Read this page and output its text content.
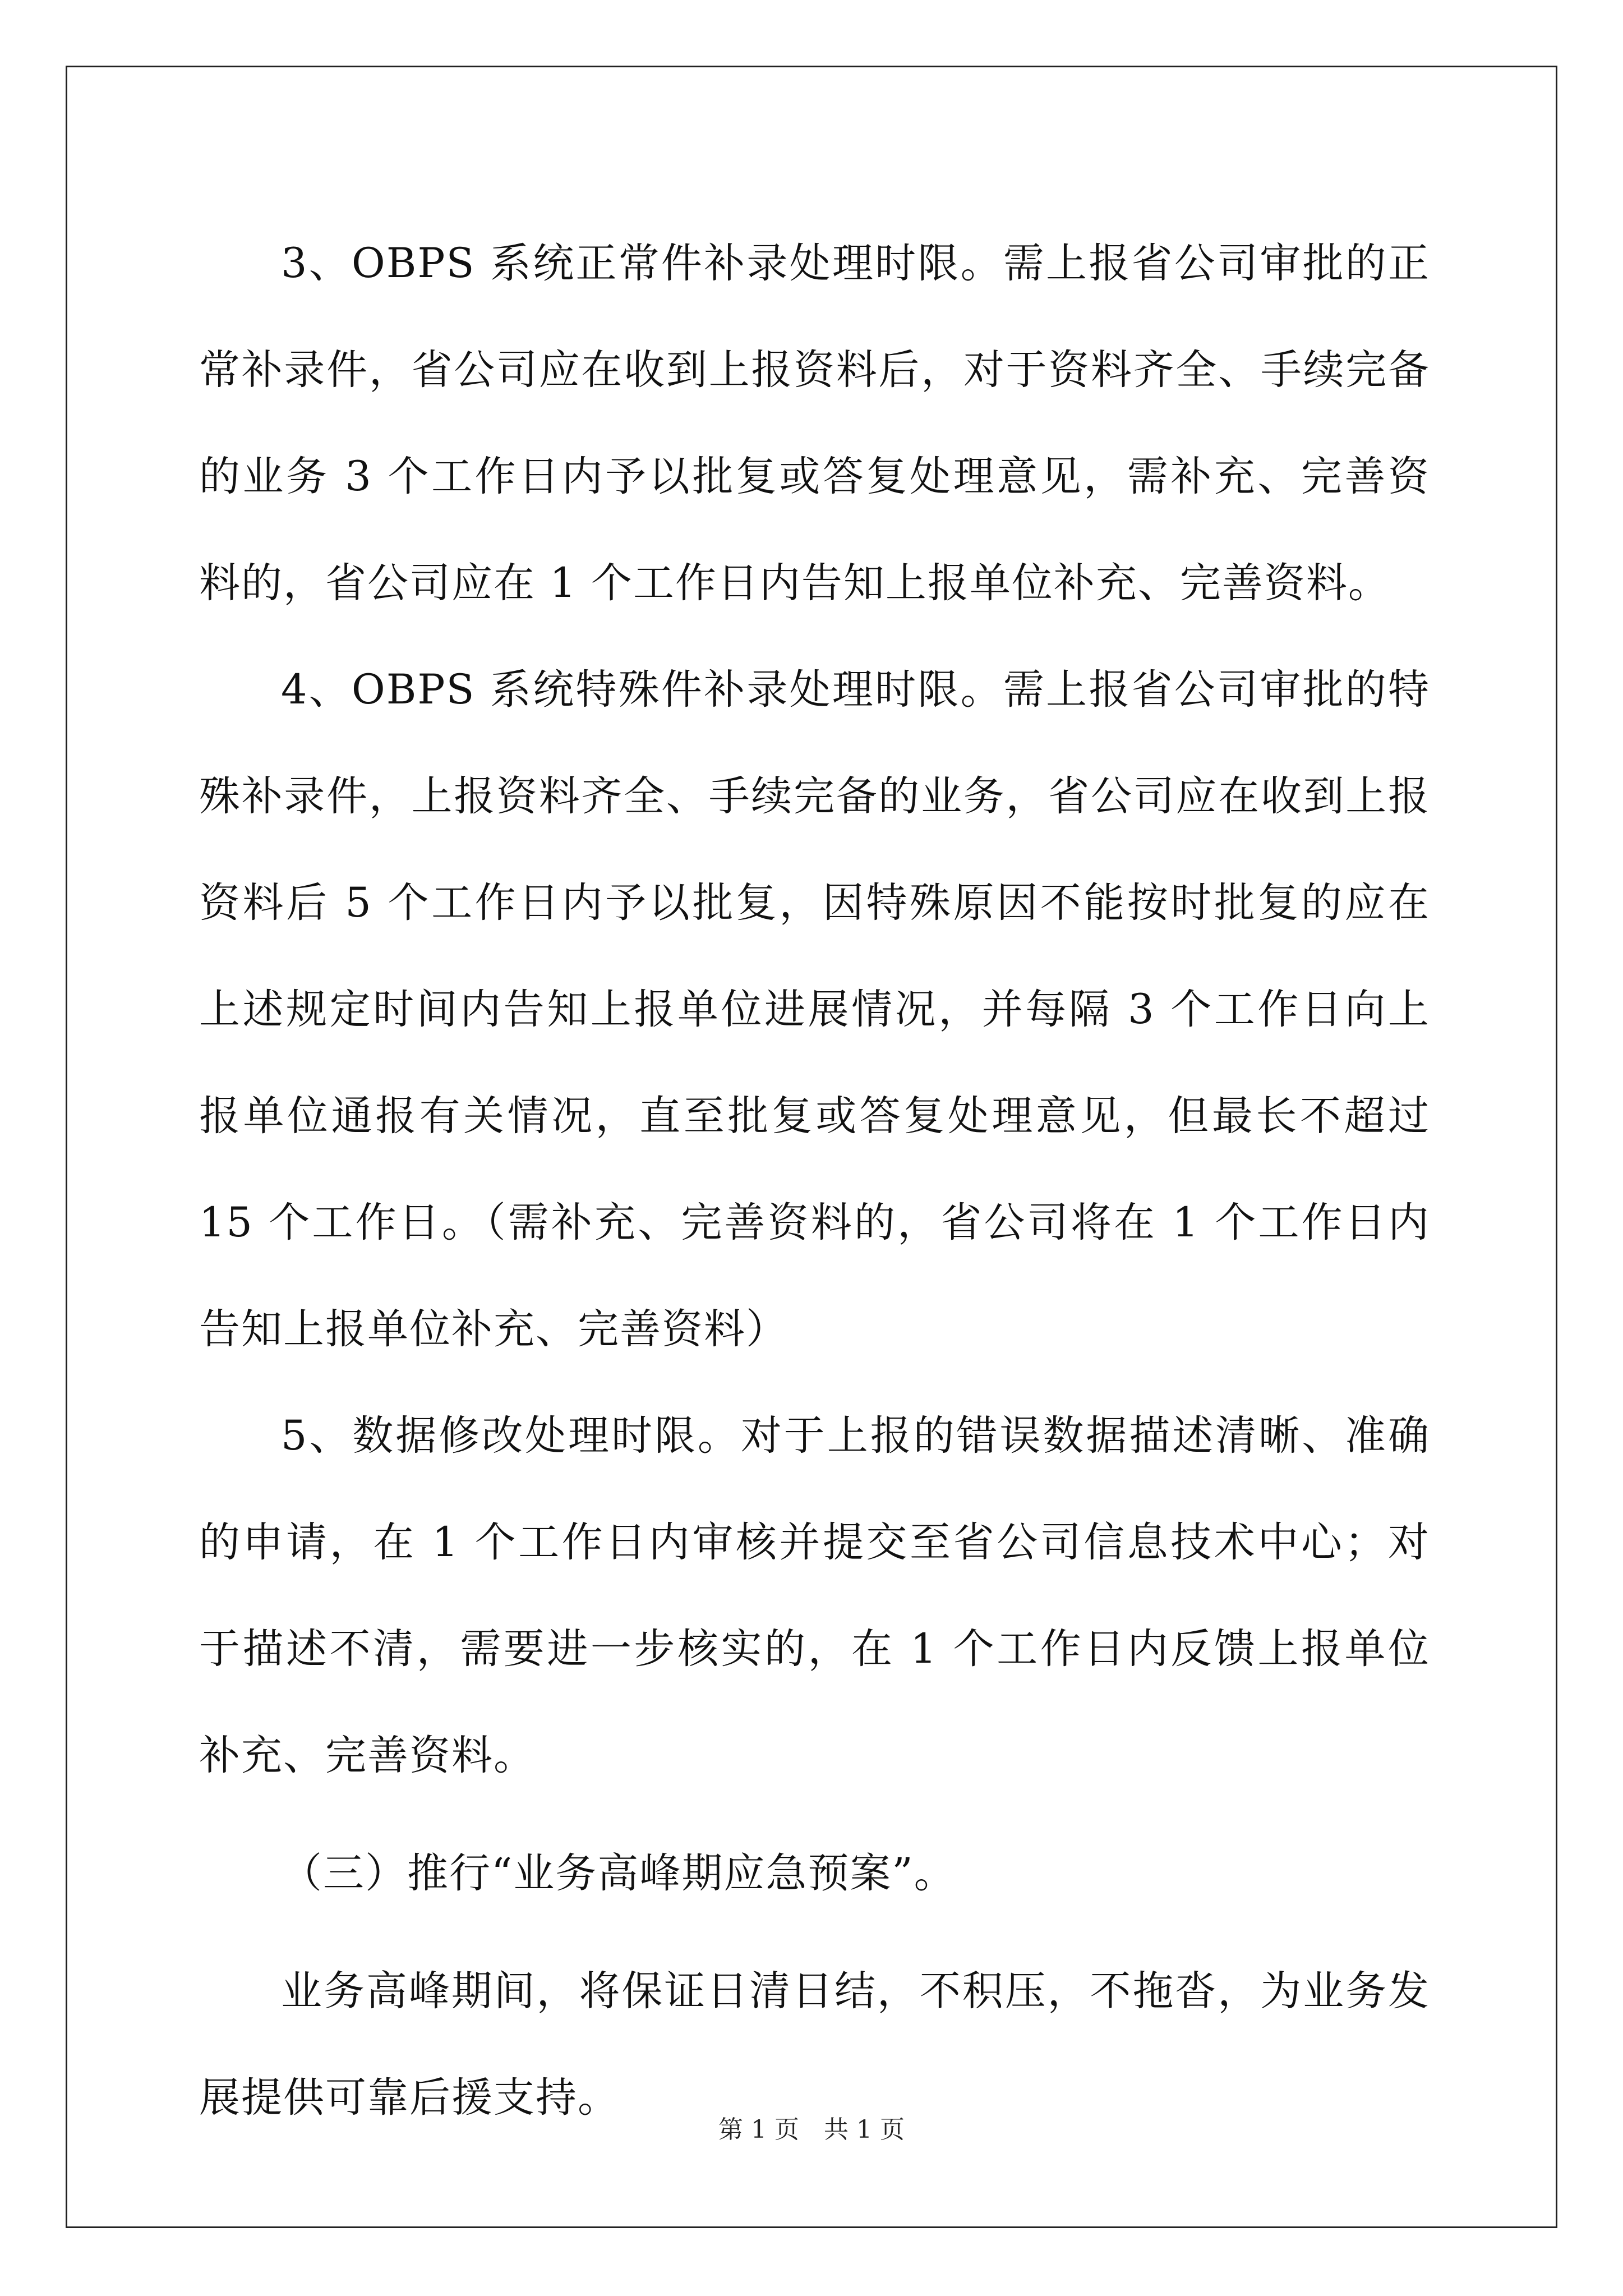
3、OBPS 系统正常件补录处理时限。需上报省公司审批的正常补录件，省公司应在收到上报资料后，对于资料齐全、手续完备的业务 3 个工作日内予以批复或答复处理意见，需补充、完善资料的，省公司应在 1 个工作日内告知上报单位补充、完善资料。

4、OBPS 系统特殊件补录处理时限。需上报省公司审批的特殊补录件，上报资料齐全、手续完备的业务，省公司应在收到上报资料后 5 个工作日内予以批复，因特殊原因不能按时批复的应在上述规定时间内告知上报单位进展情况，并每隔 3 个工作日向上报单位通报有关情况，直至批复或答复处理意见，但最长不超过 15 个工作日。（需补充、完善资料的，省公司将在 1 个工作日内告知上报单位补充、完善资料）

5、数据修改处理时限。对于上报的错误数据描述清晰、准确的申请，在 1 个工作日内审核并提交至省公司信息技术中心；对于描述不清，需要进一步核实的，在 1 个工作日内反馈上报单位补充、完善资料。

（三）推行“业务高峰期应急预案”。

业务高峰期间，将保证日清日结，不积压，不拖沓，为业务发展提供可靠后援支持。

第 1 页　共 1 页
